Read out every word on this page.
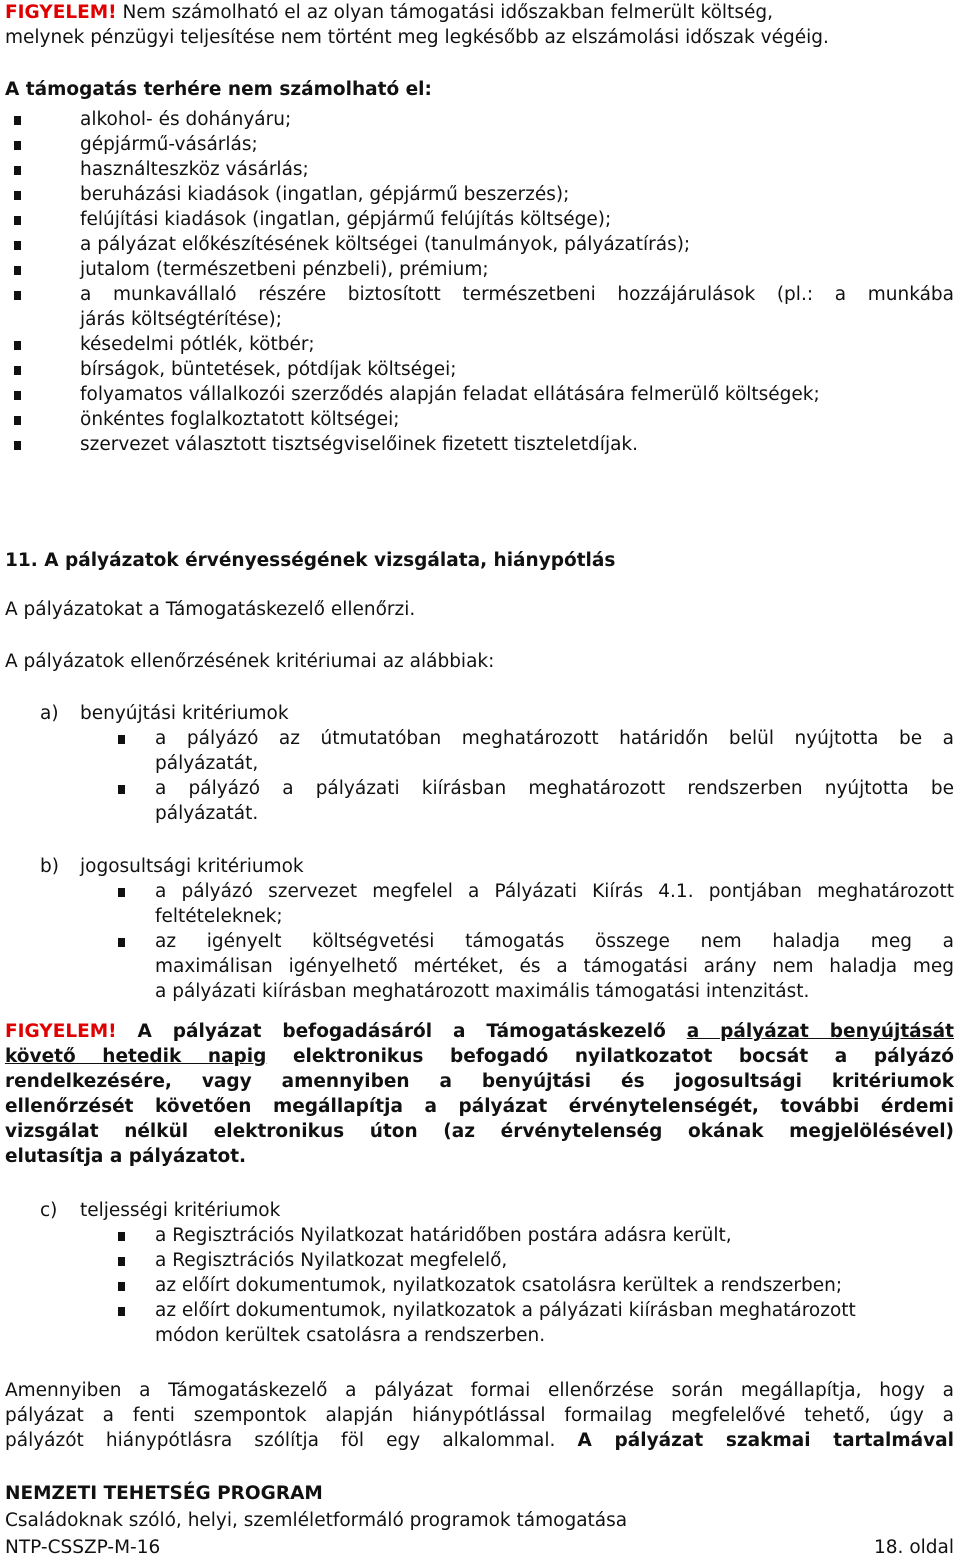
FIGYELEM! Nem számolható el az olyan támogatási időszakban felmerült költség,
melynek pénzügyi teljesítése nem történt meg legkésőbb az elszámolási időszak végéig.
A támogatás terhére nem számolható el:
alkohol- és dohányáru;
gépjármű-vásárlás;
használteszköz vásárlás;
beruházási kiadások (ingatlan, gépjármű beszerzés);
felújítási kiadások (ingatlan, gépjármű felújítás költsége);
a pályázat előkészítésének költségei (tanulmányok, pályázatírás);
jutalom (természetbeni pénzbeli), prémium;
a munkavállaló részére biztosított természetbeni hozzájárulások (pl.: a munkába
járás költségtérítése);
késedelmi pótlék, kötbér;
bírságok, büntetések, pótdíjak költségei;
folyamatos vállalkozói szerződés alapján feladat ellátására felmerülő költségek;
önkéntes foglalkoztatott költségei;
szervezet választott tisztségviselőinek fizetett tiszteletdíjak.
11. A pályázatok érvényességének vizsgálata, hiánypótlás
A pályázatokat a Támogatáskezelő ellenőrzi.
A pályázatok ellenőrzésének kritériumai az alábbiak:
a) benyújtási kritériumok
a pályázó az útmutatóban meghatározott határidőn belül nyújtotta be a
pályázatát,
a pályázó a pályázati kiírásban meghatározott rendszerben nyújtotta be
pályázatát.
b) jogosultsági kritériumok
a pályázó szervezet megfelel a Pályázati Kiírás 4.1. pontjában meghatározott
feltételeknek;
az igényelt költségvetési támogatás összege nem haladja meg a
maximálisan igényelhető mértéket, és a támogatási arány nem haladja meg
a pályázati kiírásban meghatározott maximális támogatási intenzitást.
FIGYELEM! A pályázat befogadásáról a Támogatáskezelő a pályázat benyújtását
követő hetedik napig elektronikus befogadó nyilatkozatot bocsát a pályázó
rendelkezésére, vagy amennyiben a benyújtási és jogosultsági kritériumok
ellenőrzését követően megállapítja a pályázat érvénytelenségét, további érdemi
vizsgálat nélkül elektronikus úton (az érvénytelenség okának megjelölésével)
elutasítja a pályázatot.
c) teljességi kritériumok
a Regisztrációs Nyilatkozat határidőben postára adásra került,
a Regisztrációs Nyilatkozat megfelelő,
az előírt dokumentumok, nyilatkozatok csatolásra kerültek a rendszerben;
az előírt dokumentumok, nyilatkozatok a pályázati kiírásban meghatározott
módon kerültek csatolásra a rendszerben.
Amennyiben a Támogatáskezelő a pályázat formai ellenőrzése során megállapítja, hogy a
pályázat a fenti szempontok alapján hiánypótlással formailag megfelelővé tehető, úgy a
pályázót hiánypótlásra szólítja föl egy alkalommal. A pályázat szakmai tartalmával
NEMZETI TEHETSÉG PROGRAM
Családoknak szóló, helyi, szemléletformáló programok támogatása
NTP-CSSZP-M-16	18. oldal
